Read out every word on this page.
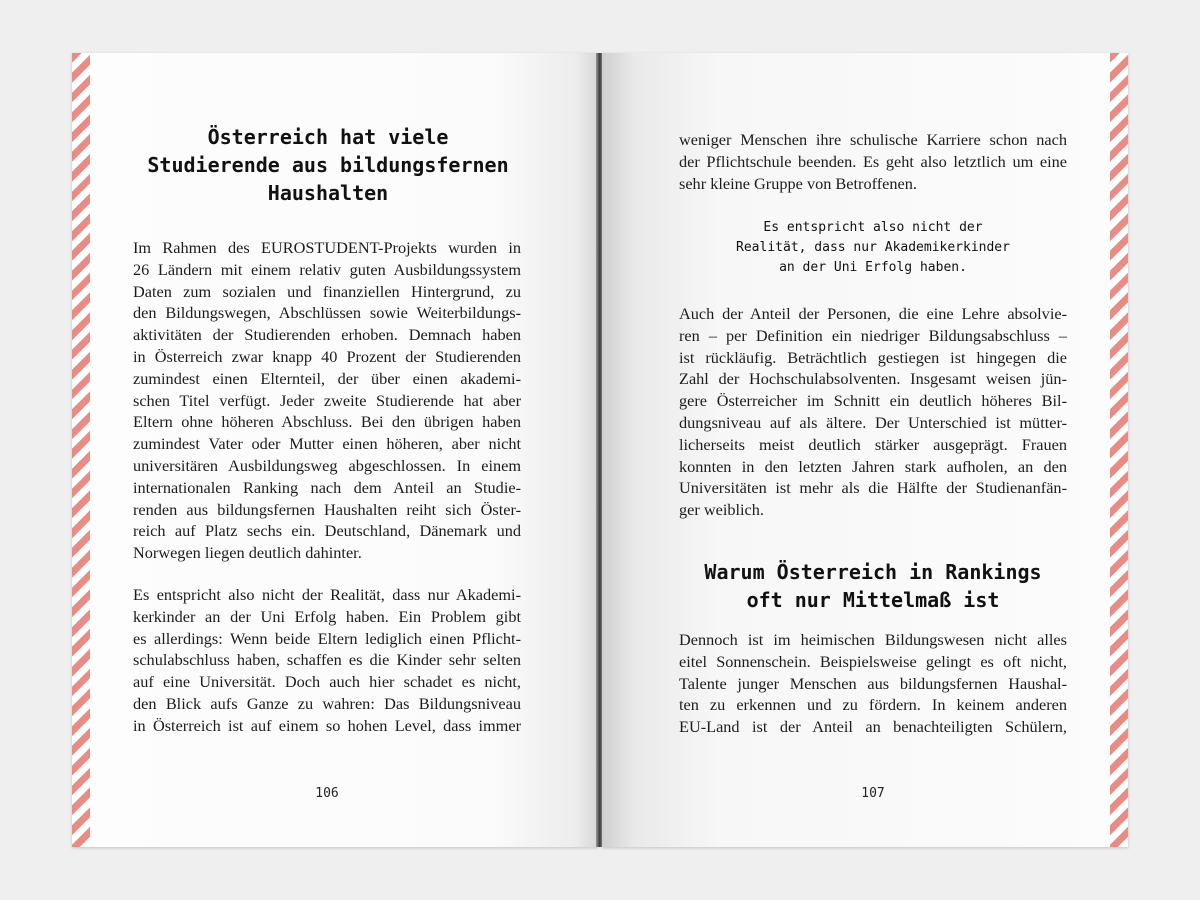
Österreich hat viele
Studierende aus bildungsfernen
Haushalten
Im Rahmen des EUROSTUDENT-Projekts wurden in
26 Ländern mit einem relativ guten Ausbildungssystem
Daten zum sozialen und finanziellen Hintergrund, zu
den Bildungswegen, Abschlüssen sowie Weiterbildungs-
aktivitäten der Studierenden erhoben. Demnach haben
in Österreich zwar knapp 40 Prozent der Studierenden
zumindest einen Elternteil, der über einen akademi-
schen Titel verfügt. Jeder zweite Studierende hat aber
Eltern ohne höheren Abschluss. Bei den übrigen haben
zumindest Vater oder Mutter einen höheren, aber nicht
universitären Ausbildungsweg abgeschlossen. In einem
internationalen Ranking nach dem Anteil an Studie-
renden aus bildungsfernen Haushalten reiht sich Öster-
reich auf Platz sechs ein. Deutschland, Dänemark und
Norwegen liegen deutlich dahinter.
Es entspricht also nicht der Realität, dass nur Akademi-
kerkinder an der Uni Erfolg haben. Ein Problem gibt
es allerdings: Wenn beide Eltern lediglich einen Pflicht-
schulabschluss haben, schaffen es die Kinder sehr selten
auf eine Universität. Doch auch hier schadet es nicht,
den Blick aufs Ganze zu wahren: Das Bildungsniveau
in Österreich ist auf einem so hohen Level, dass immer
106
weniger Menschen ihre schulische Karriere schon nach
der Pflichtschule beenden. Es geht also letztlich um eine
sehr kleine Gruppe von Betroffenen.
Es entspricht also nicht der
Realität, dass nur Akademikerkinder
an der Uni Erfolg haben.
Auch der Anteil der Personen, die eine Lehre absolvie-
ren – per Definition ein niedriger Bildungsabschluss –
ist rückläufig. Beträchtlich gestiegen ist hingegen die
Zahl der Hochschulabsolventen. Insgesamt weisen jün-
gere Österreicher im Schnitt ein deutlich höheres Bil-
dungsniveau auf als ältere. Der Unterschied ist mütter-
licherseits meist deutlich stärker ausgeprägt. Frauen
konnten in den letzten Jahren stark aufholen, an den
Universitäten ist mehr als die Hälfte der Studienanfän-
ger weiblich.
Warum Österreich in Rankings
oft nur Mittelmaß ist
Dennoch ist im heimischen Bildungswesen nicht alles
eitel Sonnenschein. Beispielsweise gelingt es oft nicht,
Talente junger Menschen aus bildungsfernen Haushal-
ten zu erkennen und zu fördern. In keinem anderen
EU-Land ist der Anteil an benachteiligten Schülern,
107
